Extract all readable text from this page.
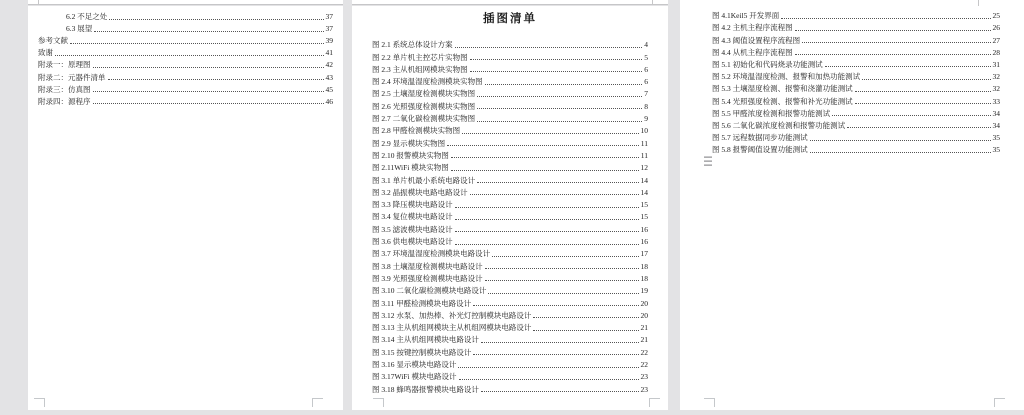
6.2 不足之处	37
6.3 展望	37
参考文献	39
致谢	41
附录一：原理图	42
附录二：元器件清单	43
附录三：仿真图	45
附录四：源程序	46
插图清单
图 2.1 系统总体设计方案	4
图 2.2 单片机主控芯片实物图	5
图 2.3 主从机组网模块实物图	6
图 2.4 环境温湿度检测模块实物图	6
图 2.5 土壤湿度检测模块实物图	7
图 2.6 光照强度检测模块实物图	8
图 2.7 二氧化碳检测模块实物图	9
图 2.8 甲醛检测模块实物图	10
图 2.9 显示模块实物图	11
图 2.10 报警模块实物图	11
图 2.11WiFi 模块实物图	12
图 3.1 单片机最小系统电路设计	14
图 3.2 晶振模块电路电路设计	14
图 3.3 降压模块电路设计	15
图 3.4 复位模块电路设计	15
图 3.5 滤波模块电路设计	16
图 3.6 供电模块电路设计	16
图 3.7 环境温湿度检测模块电路设计	17
图 3.8 土壤湿度检测模块电路设计	18
图 3.9 光照强度检测模块电路设计	18
图 3.10 二氧化碳检测模块电路设计	19
图 3.11 甲醛检测模块电路设计	20
图 3.12 水泵、加热棒、补光灯控制模块电路设计	20
图 3.13 主从机组网模块主从机组网模块电路设计	21
图 3.14 主从机组网模块电路设计	21
图 3.15 按键控制模块电路设计	22
图 3.16 显示模块电路设计	22
图 3.17WiFi 模块电路设计	23
图 3.18 蜂鸣器报警模块电路设计	23
图 4.1Keil5 开发界面	25
图 4.2 主机主程序流程图	26
图 4.3 阈值设置程序流程图	27
图 4.4 从机主程序流程图	28
图 5.1 初始化和代码烧录功能测试	31
图 5.2 环境温湿度检测、报警和加热功能测试	32
图 5.3 土壤湿度检测、报警和浇灌功能测试	32
图 5.4 光照强度检测、报警和补光功能测试	33
图 5.5 甲醛浓度检测和报警功能测试	34
图 5.6 二氧化碳浓度检测和报警功能测试	34
图 5.7 远程数据同步功能测试	35
图 5.8 报警阈值设置功能测试	35
